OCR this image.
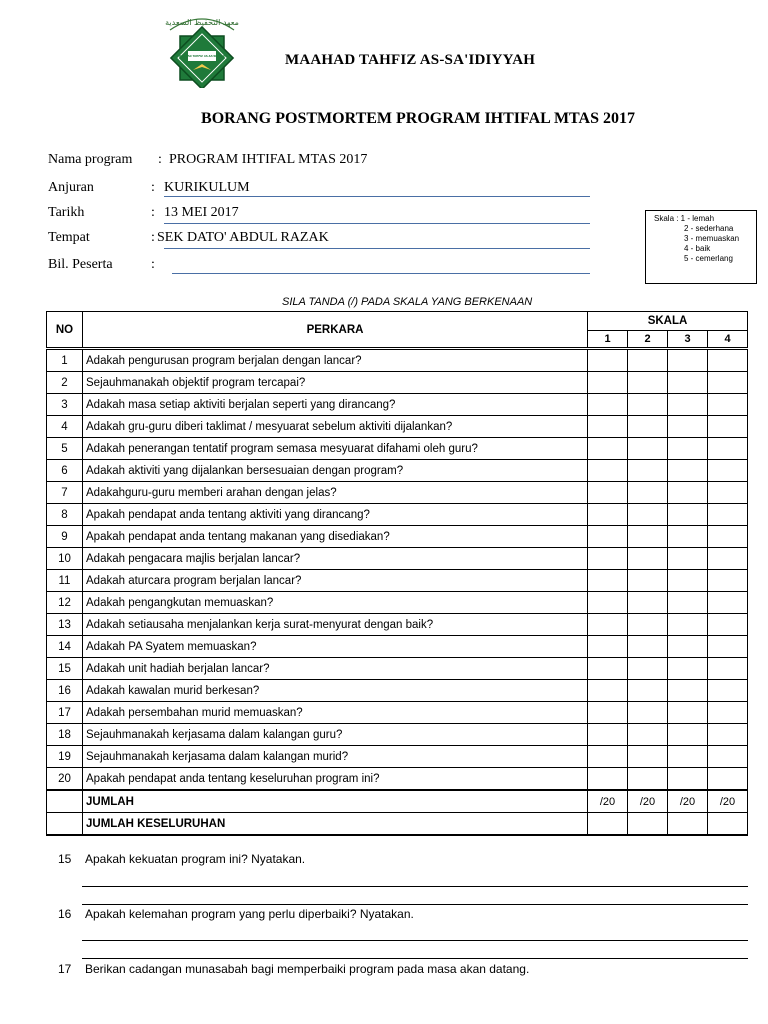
معهد التحفيظ السعدية
MAAHAD TAHFIZ AS-SA'IDIYYAH	MAAHAD TAHFIZ AS-SA'IDIYYAH
BORANG POSTMORTEM PROGRAM IHTIFAL MTAS 2017
Nama program : PROGRAM IHTIFAL MTAS 2017
Anjuran	: KURIKULUM
Tarikh	: 13 MEI 2017
Tempat	: SEK DATO' ABDUL RAZAK
Bil. Peserta	:
Skala : 1 - lemah
2 - sederhana
3 - memuaskan
4 - baik
5 - cemerlang
SILA TANDA (/) PADA SKALA YANG BERKENAAN
NO	PERKARA	SKALA			
		1	2	3	4
1	Adakah pengurusan program berjalan dengan lancar?				
2	Sejauhmanakah objektif program tercapai?				
3	Adakah masa setiap aktiviti berjalan seperti yang dirancang?				
4	Adakah gru-guru diberi taklimat / mesyuarat sebelum aktiviti dijalankan?				
5	Adakah penerangan tentatif program semasa mesyuarat difahami oleh guru?				
6	Adakah aktiviti yang dijalankan bersesuaian dengan program?				
7	Adakahguru-guru memberi arahan dengan jelas?				
8	Apakah pendapat anda tentang aktiviti yang dirancang?				
9	Apakah pendapat anda tentang makanan yang disediakan?				
10	Adakah pengacara majlis berjalan lancar?				
11	Adakah aturcara program berjalan lancar?				
12	Adakah pengangkutan memuaskan?				
13	Adakah setiausaha menjalankan kerja surat-menyurat dengan baik?				
14	Adakah PA Syatem memuaskan?				
15	Adakah unit hadiah berjalan lancar?				
16	Adakah kawalan murid berkesan?				
17	Adakah persembahan murid memuaskan?				
18	Sejauhmanakah kerjasama dalam kalangan guru?				
19	Sejauhmanakah kerjasama dalam kalangan murid?				
20	Apakah pendapat anda tentang keseluruhan program ini?				
	JUMLAH	/20	/20	/20	/20
	JUMLAH KESELURUHAN				
15 Apakah kekuatan program ini? Nyatakan.
16 Apakah kelemahan program yang perlu diperbaiki? Nyatakan.
17 Berikan cadangan munasabah bagi memperbaiki program pada masa akan datang.
